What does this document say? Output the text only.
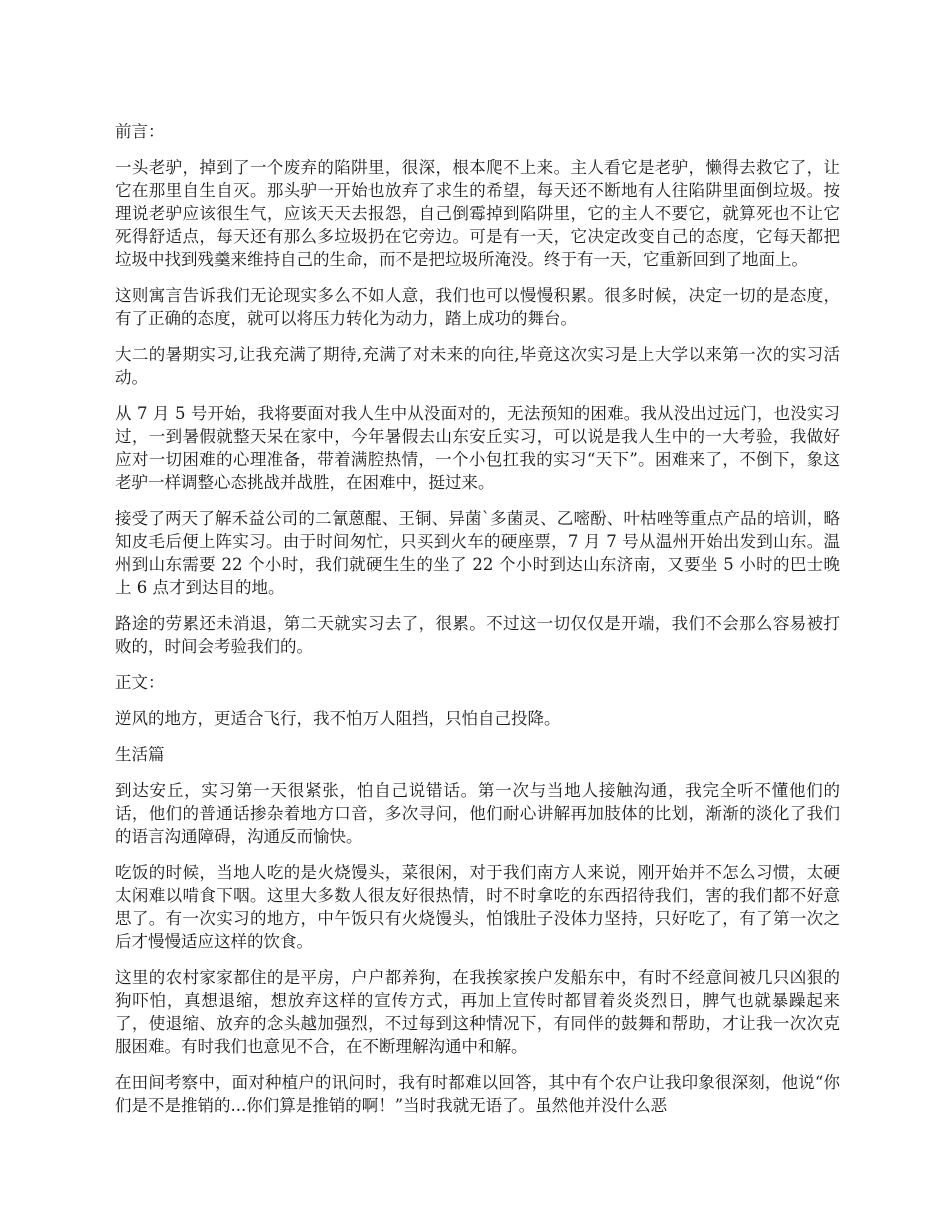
前言：

一头老驴，掉到了一个废弃的陷阱里，很深，根本爬不上来。主人看它是老驴，懒得去救它了，让它在那里自生自灭。那头驴一开始也放弃了求生的希望，每天还不断地有人往陷阱里面倒垃圾。按理说老驴应该很生气，应该天天去报怨，自己倒霉掉到陷阱里，它的主人不要它，就算死也不让它死得舒适点，每天还有那么多垃圾扔在它旁边。可是有一天，它决定改变自己的态度，它每天都把垃圾中找到残羹来维持自己的生命，而不是把垃圾所淹没。终于有一天，它重新回到了地面上。

这则寓言告诉我们无论现实多么不如人意，我们也可以慢慢积累。很多时候，决定一切的是态度，有了正确的态度，就可以将压力转化为动力，踏上成功的舞台。

大二的暑期实习,让我充满了期待,充满了对未来的向往,毕竟这次实习是上大学以来第一次的实习活动。

从 7 月 5 号开始，我将要面对我人生中从没面对的，无法预知的困难。我从没出过远门，也没实习过，一到暑假就整天呆在家中，今年暑假去山东安丘实习，可以说是我人生中的一大考验，我做好应对一切困难的心理准备，带着满腔热情，一个小包扛我的实习“天下”。困难来了，不倒下，象这老驴一样调整心态挑战并战胜，在困难中，挺过来。

接受了两天了解禾益公司的二氰蒽醌、王铜、异菌`多菌灵、乙嘧酚、叶枯唑等重点产品的培训，略知皮毛后便上阵实习。由于时间匆忙，只买到火车的硬座票，7 月 7 号从温州开始出发到山东。温州到山东需要 22 个小时，我们就硬生生的坐了 22 个小时到达山东济南，又要坐 5 小时的巴士晚上 6 点才到达目的地。

路途的劳累还未消退，第二天就实习去了，很累。不过这一切仅仅是开端，我们不会那么容易被打败的，时间会考验我们的。

正文：

逆风的地方，更适合飞行，我不怕万人阻挡，只怕自己投降。

生活篇

到达安丘，实习第一天很紧张，怕自己说错话。第一次与当地人接触沟通，我完全听不懂他们的话，他们的普通话掺杂着地方口音，多次寻问，他们耐心讲解再加肢体的比划，渐渐的淡化了我们的语言沟通障碍，沟通反而愉快。

吃饭的时候，当地人吃的是火烧馒头，菜很闲，对于我们南方人来说，刚开始并不怎么习惯，太硬太闲难以啃食下咽。这里大多数人很友好很热情，时不时拿吃的东西招待我们，害的我们都不好意思了。有一次实习的地方，中午饭只有火烧馒头，怕饿肚子没体力坚持，只好吃了，有了第一次之后才慢慢适应这样的饮食。

这里的农村家家都住的是平房，户户都养狗，在我挨家挨户发船东中，有时不经意间被几只凶狠的狗吓怕，真想退缩，想放弃这样的宣传方式，再加上宣传时都冒着炎炎烈日，脾气也就暴躁起来了，使退缩、放弃的念头越加强烈，不过每到这种情况下，有同伴的鼓舞和帮助，才让我一次次克服困难。有时我们也意见不合，在不断理解沟通中和解。

在田间考察中，面对种植户的讯问时，我有时都难以回答，其中有个农户让我印象很深刻，他说“你们是不是推销的...你们算是推销的啊！”当时我就无语了。虽然他并没什么恶
